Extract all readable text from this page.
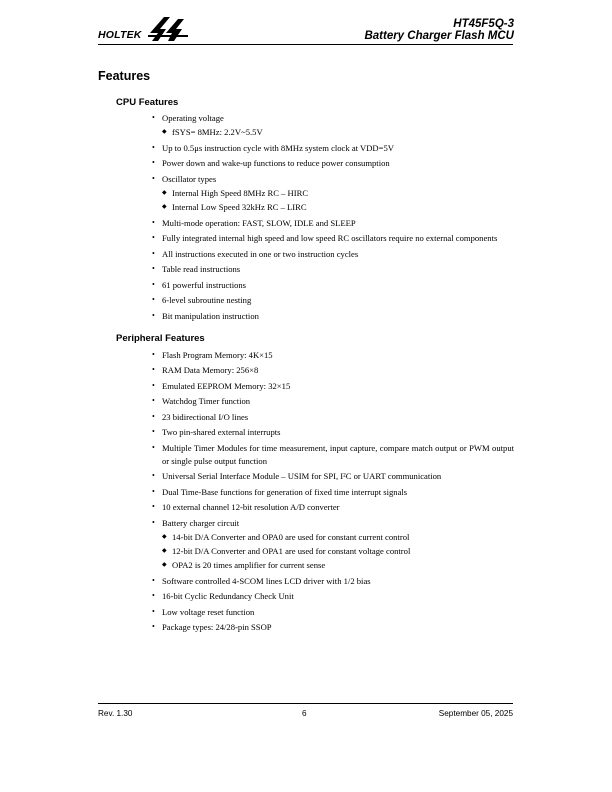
HOLTEK
HT45F5Q-3
Battery Charger Flash MCU
Features
CPU Features
• Operating voltage
◆ fSYS= 8MHz: 2.2V~5.5V
• Up to 0.5μs instruction cycle with 8MHz system clock at VDD=5V
• Power down and wake-up functions to reduce power consumption
• Oscillator types
◆ Internal High Speed 8MHz RC – HIRC
◆ Internal Low Speed 32kHz RC – LIRC
• Multi-mode operation: FAST, SLOW, IDLE and SLEEP
• Fully integrated internal high speed and low speed RC oscillators require no external components
• All instructions executed in one or two instruction cycles
• Table read instructions
• 61 powerful instructions
• 6-level subroutine nesting
• Bit manipulation instruction
Peripheral Features
• Flash Program Memory: 4K×15
• RAM Data Memory: 256×8
• Emulated EEPROM Memory: 32×15
• Watchdog Timer function
• 23 bidirectional I/O lines
• Two pin-shared external interrupts
• Multiple Timer Modules for time measurement, input capture, compare match output or PWM output or single pulse output function
• Universal Serial Interface Module – USIM for SPI, I²C or UART communication
• Dual Time-Base functions for generation of fixed time interrupt signals
• 10 external channel 12-bit resolution A/D converter
• Battery charger circuit
◆ 14-bit D/A Converter and OPA0 are used for constant current control
◆ 12-bit D/A Converter and OPA1 are used for constant voltage control
◆ OPA2 is 20 times amplifier for current sense
• Software controlled 4-SCOM lines LCD driver with 1/2 bias
• 16-bit Cyclic Redundancy Check Unit
• Low voltage reset function
• Package types: 24/28-pin SSOP
Rev. 1.30	6	September 05, 2025
